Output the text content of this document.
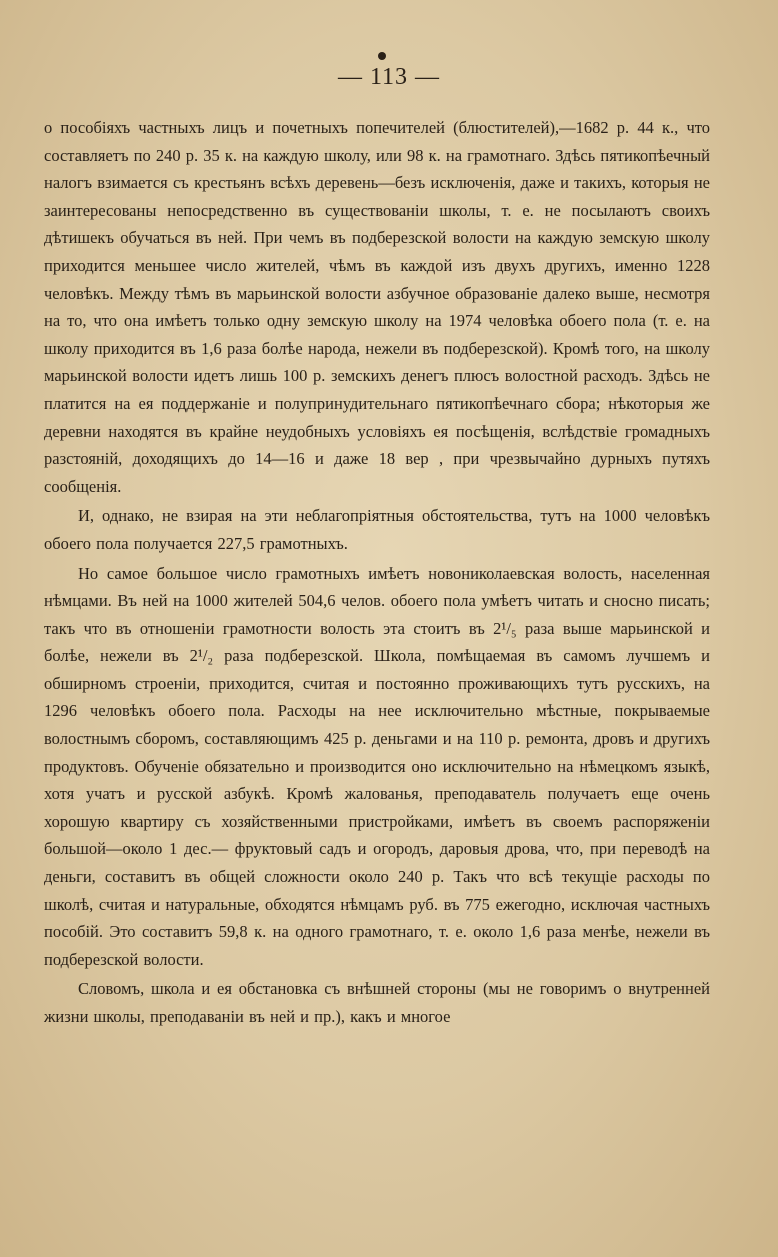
— 113 —

о пособіяхъ частныхъ лицъ и почетныхъ попечителей (блюстителей),—1682 р. 44 к., что составляетъ по 240 р. 35 к. на каждую школу, или 98 к. на грамотнаго. Здѣсь пятикопѣечный налогъ взимается съ крестьянъ всѣхъ деревень—безъ исключенія, даже и такихъ, которыя не заинтересованы непосредственно въ существованіи школы, т. е. не посылаютъ своихъ дѣтишекъ обучаться въ ней. При чемъ въ подберезской волости на каждую земскую школу приходится меньшее число жителей, чѣмъ въ каждой изъ двухъ другихъ, именно 1228 человѣкъ. Между тѣмъ въ марьинской волости азбучное образованіе далеко выше, несмотря на то, что она имѣетъ только одну земскую школу на 1974 человѣка обоего пола (т. е. на школу приходится въ 1,6 раза болѣе народа, нежели въ подберезской). Кромѣ того, на школу марьинской волости идетъ лишь 100 р. земскихъ денегъ плюсъ волостной расходъ. Здѣсь не платится на ея поддержаніе и полупринудительнаго пятикопѣечнаго сбора; нѣкоторыя же деревни находятся въ крайне неудобныхъ условіяхъ ея посѣщенія, вслѣдствіе громадныхъ разстояній, доходящихъ до 14—16 и даже 18 вер , при чрезвычайно дурныхъ путяхъ сообщенія.

И, однако, не взирая на эти неблагопріятныя обстоятельства, тутъ на 1000 человѣкъ обоего пола получается 227,5 грамотныхъ.

Но самое большое число грамотныхъ имѣетъ новониколаевская волость, населенная нѣмцами. Въ ней на 1000 жителей 504,6 челов. обоего пола умѣетъ читать и сносно писать; такъ что въ отношеніи грамотности волость эта стоитъ въ 2¹/₅ раза выше марьинской и болѣе, нежели въ 2¹/₂ раза подберезской. Школа, помѣщаемая въ самомъ лучшемъ и обширномъ строеніи, приходится, считая и постоянно проживающихъ тутъ русскихъ, на 1296 человѣкъ обоего пола. Расходы на нее исключительно мѣстные, покрываемые волостнымъ сборомъ, составляющимъ 425 р. деньгами и на 110 р. ремонта, дровъ и другихъ продуктовъ. Обученіе обязательно и производится оно исключительно на нѣмецкомъ языкѣ, хотя учатъ и русской азбукѣ. Кромѣ жалованья, преподаватель получаетъ еще очень хорошую квартиру съ хозяйственными пристройками, имѣетъ въ своемъ распоряженіи большой—около 1 дес.— фруктовый садъ и огородъ, даровыя дрова, что, при переводѣ на деньги, составитъ въ общей сложности около 240 р. Такъ что всѣ текущіе расходы по школѣ, считая и натуральные, обходятся нѣмцамъ руб. въ 775 ежегодно, исключая частныхъ пособій. Это составитъ 59,8 к. на одного грамотнаго, т. е. около 1,6 раза менѣе, нежели въ подберезской волости.

Словомъ, школа и ея обстановка съ внѣшней стороны (мы не говоримъ о внутренней жизни школы, преподаваніи въ ней и пр.), какъ и многое
